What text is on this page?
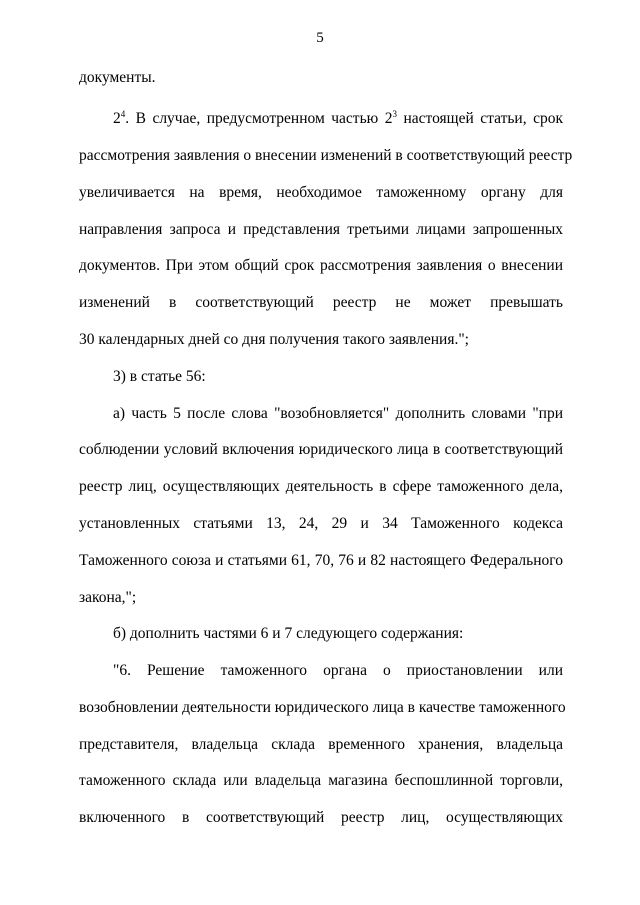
5
документы.
$2^4$. В случае, предусмотренном частью $2^3$ настоящей статьи, срок
рассмотрения заявления о внесении изменений в соответствующий реестр
увеличивается на время, необходимое таможенному органу для
направления запроса и представления третьими лицами запрошенных
документов. При этом общий срок рассмотрения заявления о внесении
изменений в соответствующий реестр не может превышать
30 календарных дней со дня получения такого заявления.";
3) в статье 56:
а) часть 5 после слова "возобновляется" дополнить словами "при
соблюдении условий включения юридического лица в соответствующий
реестр лиц, осуществляющих деятельность в сфере таможенного дела,
установленных статьями 13, 24, 29 и 34 Таможенного кодекса
Таможенного союза и статьями 61, 70, 76 и 82 настоящего Федерального
закона,";
б) дополнить частями 6 и 7 следующего содержания:
"6. Решение таможенного органа о приостановлении или
возобновлении деятельности юридического лица в качестве таможенного
представителя, владельца склада временного хранения, владельца
таможенного склада или владельца магазина беспошлинной торговли,
включенного в соответствующий реестр лиц, осуществляющих
